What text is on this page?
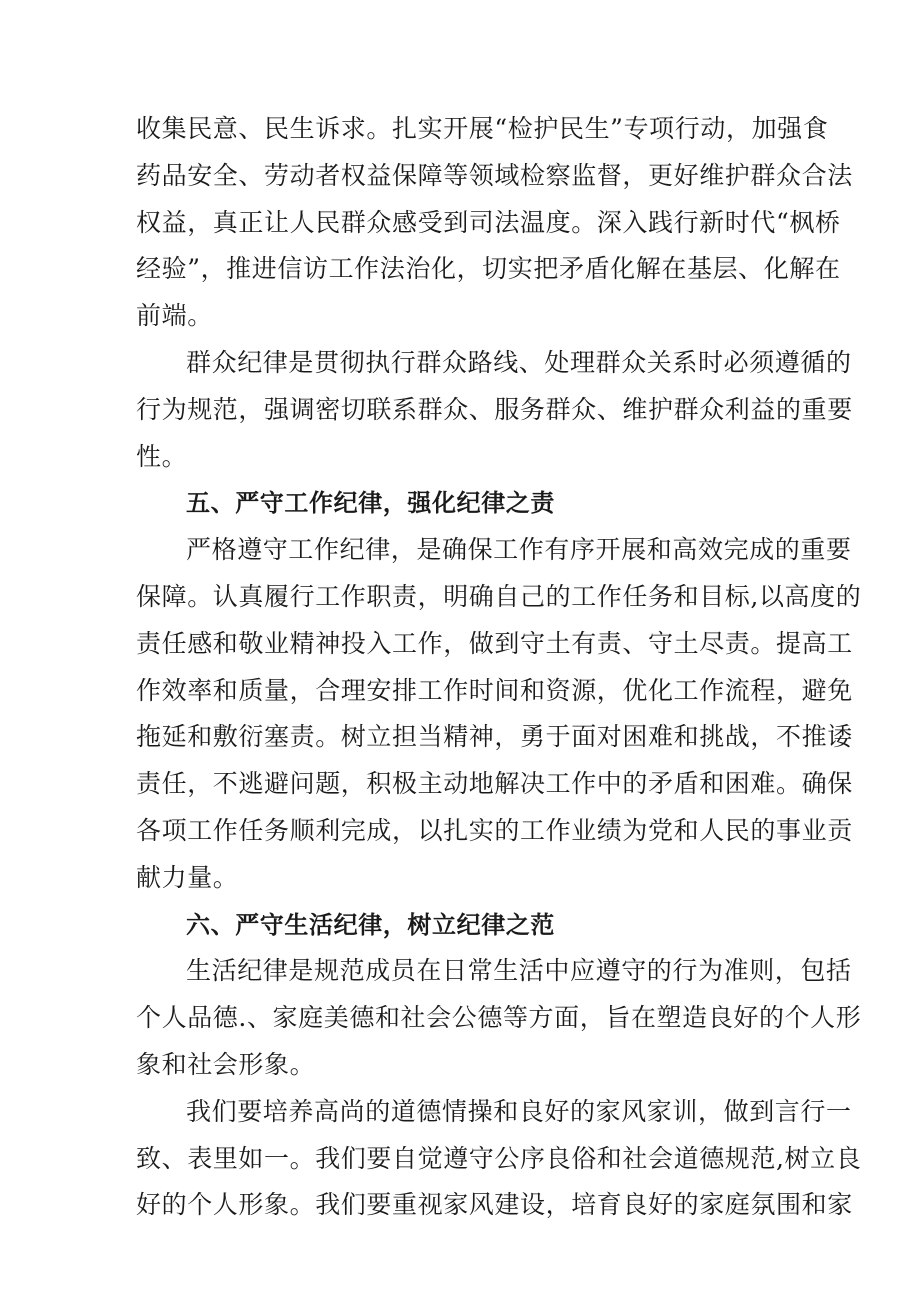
收集民意、民生诉求。扎实开展“检护民生”专项行动，加强食
药品安全、劳动者权益保障等领域检察监督，更好维护群众合法
权益，真正让人民群众感受到司法温度。深入践行新时代“枫桥
经验”，推进信访工作法治化，切实把矛盾化解在基层、化解在
前端。
群众纪律是贯彻执行群众路线、处理群众关系时必须遵循的
行为规范，强调密切联系群众、服务群众、维护群众利益的重要
性。
五、严守工作纪律，强化纪律之责
严格遵守工作纪律，是确保工作有序开展和高效完成的重要
保障。认真履行工作职责，明确自己的工作任务和目标,以高度的
责任感和敬业精神投入工作，做到守土有责、守土尽责。提高工
作效率和质量，合理安排工作时间和资源，优化工作流程，避免
拖延和敷衍塞责。树立担当精神，勇于面对困难和挑战，不推诿
责任，不逃避问题，积极主动地解决工作中的矛盾和困难。确保
各项工作任务顺利完成，以扎实的工作业绩为党和人民的事业贡
献力量。
六、严守生活纪律，树立纪律之范
生活纪律是规范成员在日常生活中应遵守的行为准则，包括
个人品德.、家庭美德和社会公德等方面，旨在塑造良好的个人形
象和社会形象。
我们要培养高尚的道德情操和良好的家风家训，做到言行一
致、表里如一。我们要自觉遵守公序良俗和社会道德规范,树立良
好的个人形象。我们要重视家风建设，培育良好的家庭氛围和家
